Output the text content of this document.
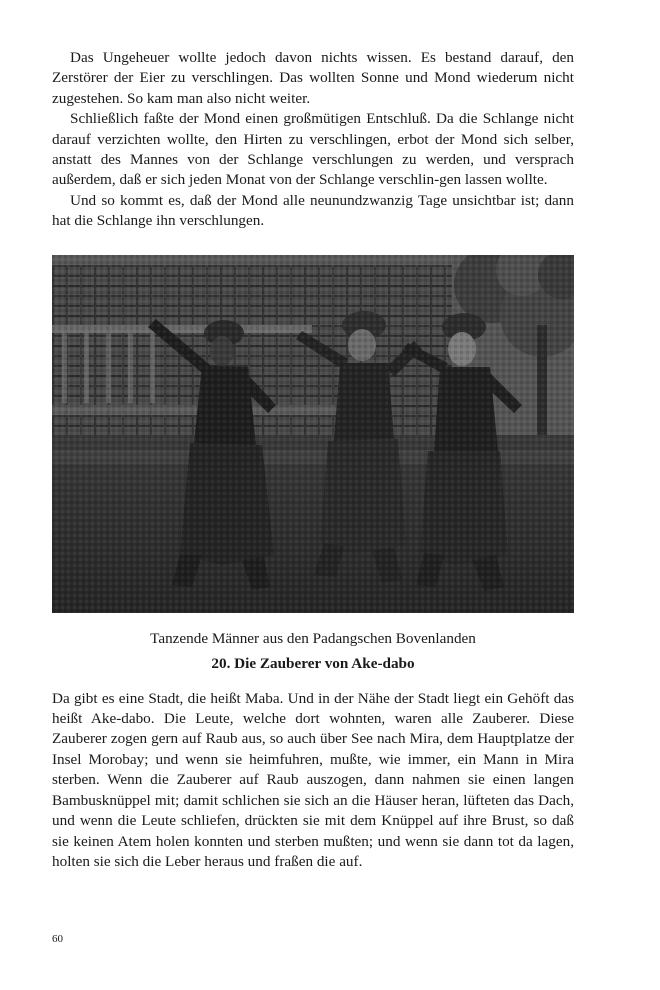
Das Ungeheuer wollte jedoch davon nichts wissen. Es bestand darauf, den Zerstörer der Eier zu verschlingen. Das wollten Sonne und Mond wiederum nicht zugestehen. So kam man also nicht weiter.

Schließlich faßte der Mond einen großmütigen Entschluß. Da die Schlange nicht darauf verzichten wollte, den Hirten zu verschlingen, erbot der Mond sich selber, anstatt des Mannes von der Schlange verschlungen zu werden, und versprach außerdem, daß er sich jeden Monat von der Schlange verschlin-gen lassen wollte.

Und so kommt es, daß der Mond alle neunundzwanzig Tage unsichtbar ist; dann hat die Schlange ihn verschlungen.

Tanzende Männer aus den Padangschen Bovenlanden

20. Die Zauberer von Ake-dabo

Da gibt es eine Stadt, die heißt Maba. Und in der Nähe der Stadt liegt ein Gehöft das heißt Ake-dabo. Die Leute, welche dort wohnten, waren alle Zauberer. Diese Zauberer zogen gern auf Raub aus, so auch über See nach Mira, dem Hauptplatze der Insel Morobay; und wenn sie heimfuhren, mußte, wie immer, ein Mann in Mira sterben. Wenn die Zauberer auf Raub auszogen, dann nahmen sie einen langen Bambusknüppel mit; damit schlichen sie sich an die Häuser heran, lüfteten das Dach, und wenn die Leute schliefen, drückten sie mit dem Knüppel auf ihre Brust, so daß sie keinen Atem holen konnten und sterben mußten; und wenn sie dann tot da lagen, holten sie sich die Leber heraus und fraßen die auf.

60
